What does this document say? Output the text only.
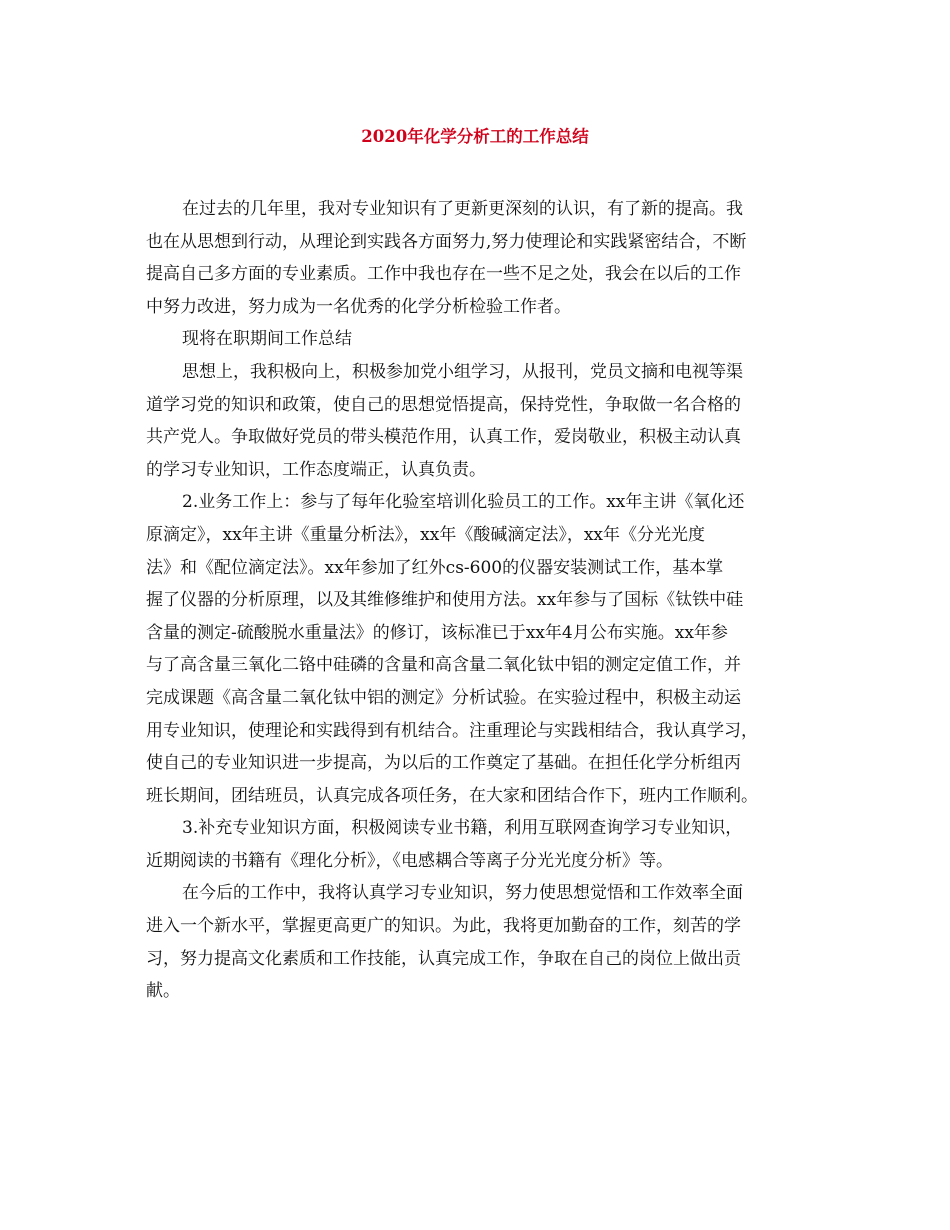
2020年化学分析工的工作总结

在过去的几年里，我对专业知识有了更新更深刻的认识，有了新的提高。我
也在从思想到行动，从理论到实践各方面努力,努力使理论和实践紧密结合，不断
提高自己多方面的专业素质。工作中我也存在一些不足之处，我会在以后的工作
中努力改进，努力成为一名优秀的化学分析检验工作者。

现将在职期间工作总结

思想上，我积极向上，积极参加党小组学习，从报刊，党员文摘和电视等渠
道学习党的知识和政策，使自己的思想觉悟提高，保持党性，争取做一名合格的
共产党人。争取做好党员的带头模范作用，认真工作，爱岗敬业，积极主动认真
的学习专业知识，工作态度端正，认真负责。

2.业务工作上：参与了每年化验室培训化验员工的工作。xx年主讲《氧化还
原滴定》，xx年主讲《重量分析法》，xx年《酸碱滴定法》，xx年《分光光度
法》和《配位滴定法》。xx年参加了红外cs-600的仪器安装测试工作，基本掌
握了仪器的分析原理，以及其维修维护和使用方法。xx年参与了国标《钛铁中硅
含量的测定-硫酸脱水重量法》的修订，该标准已于xx年4月公布实施。xx年参
与了高含量三氧化二铬中硅磷的含量和高含量二氧化钛中铝的测定定值工作，并
完成课题《高含量二氧化钛中铝的测定》分析试验。在实验过程中，积极主动运
用专业知识，使理论和实践得到有机结合。注重理论与实践相结合，我认真学习，
使自己的专业知识进一步提高，为以后的工作奠定了基础。在担任化学分析组丙
班长期间，团结班员，认真完成各项任务，在大家和团结合作下，班内工作顺利。

3.补充专业知识方面，积极阅读专业书籍，利用互联网查询学习专业知识，
近期阅读的书籍有《理化分析》，《电感耦合等离子分光光度分析》等。

在今后的工作中，我将认真学习专业知识，努力使思想觉悟和工作效率全面
进入一个新水平，掌握更高更广的知识。为此，我将更加勤奋的工作，刻苦的学
习，努力提高文化素质和工作技能，认真完成工作，争取在自己的岗位上做出贡
献。
